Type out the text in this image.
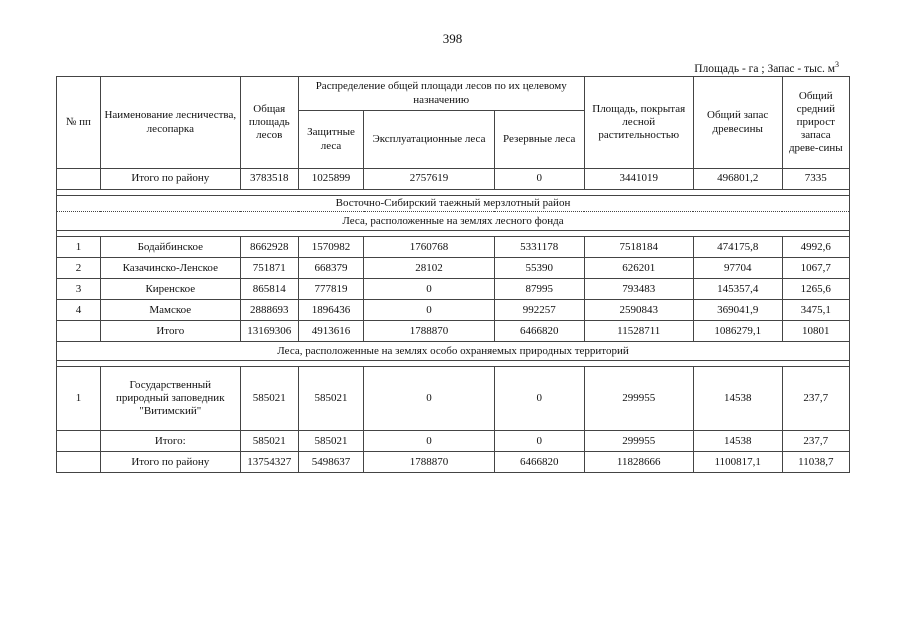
398
Площадь - га ; Запас - тыс. $м^3$
№ пп	Наименование лесничества, лесопарка	Общая площадь лесов	Распределение общей площади лесов по их целевому назначению			Площадь, покрытая лесной растительностью	Общий запас древесины	Общий средний прирост запаса древе-сины
			Защитные леса	Эксплуатационные леса	Резервные леса			
	Итого по району	3783518	1025899	2757619	0	3441019	496801,2	7335

Восточно-Сибирский таежный мерзлотный район								
Леса, расположенные на землях лесного фонда								

1	Бодайбинское	8662928	1570982	1760768	5331178	7518184	474175,8	4992,6
2	Казачинско-Ленское	751871	668379	28102	55390	626201	97704	1067,7
3	Киренское	865814	777819	0	87995	793483	145357,4	1265,6
4	Мамское	2888693	1896436	0	992257	2590843	369041,9	3475,1
	Итого	13169306	4913616	1788870	6466820	11528711	1086279,1	10801
Леса, расположенные на землях особо охраняемых природных территорий								

1	Государственный природный заповедник "Витимский"	585021	585021	0	0	299955	14538	237,7
	Итого:	585021	585021	0	0	299955	14538	237,7
	Итого по району	13754327	5498637	1788870	6466820	11828666	1100817,1	11038,7
